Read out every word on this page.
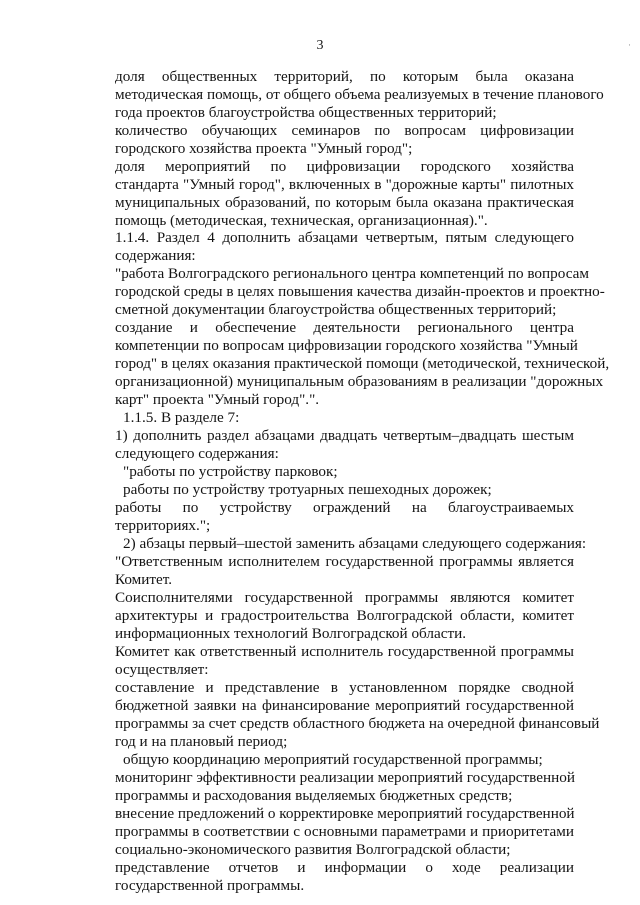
3	·
доля общественных территорий, по которым была оказана
методическая помощь, от общего объема реализуемых в течение планового
года проектов благоустройства общественных территорий;
количество обучающих семинаров по вопросам цифровизации
городского хозяйства проекта "Умный город";
доля мероприятий по цифровизации городского хозяйства
стандарта "Умный город", включенных в "дорожные карты" пилотных
муниципальных образований, по которым была оказана практическая
помощь (методическая, техническая, организационная).".
1.1.4. Раздел 4 дополнить абзацами четвертым, пятым следующего
содержания:
"работа Волгоградского регионального центра компетенций по вопросам
городской среды в целях повышения качества дизайн-проектов и проектно-
сметной документации благоустройства общественных территорий;
создание и обеспечение деятельности регионального центра
компетенции по вопросам цифровизации городского хозяйства "Умный
город" в целях оказания практической помощи (методической, технической,
организационной) муниципальным образованиям в реализации "дорожных
карт" проекта "Умный город".".
1.1.5. В разделе 7:
1) дополнить раздел абзацами двадцать четвертым–двадцать шестым
следующего содержания:
"работы по устройству парковок;
работы по устройству тротуарных пешеходных дорожек;
работы по устройству ограждений на благоустраиваемых
территориях.";
2) абзацы первый–шестой заменить абзацами следующего содержания:
"Ответственным исполнителем государственной программы является
Комитет.
Соисполнителями государственной программы являются комитет
архитектуры и градостроительства Волгоградской области, комитет
информационных технологий Волгоградской области.
Комитет как ответственный исполнитель государственной программы
осуществляет:
составление и представление в установленном порядке сводной
бюджетной заявки на финансирование мероприятий государственной
программы за счет средств областного бюджета на очередной финансовый
год и на плановый период;
общую координацию мероприятий государственной программы;
мониторинг эффективности реализации мероприятий государственной
программы и расходования выделяемых бюджетных средств;
внесение предложений о корректировке мероприятий государственной
программы в соответствии с основными параметрами и приоритетами
социально-экономического развития Волгоградской области;
представление отчетов и информации о ходе реализации
государственной программы.
